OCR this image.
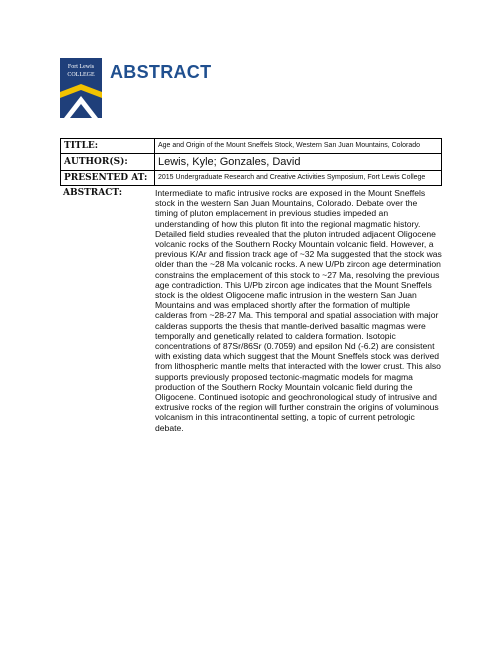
Fort Lewis
COLLEGE ABSTRACT
TITLE:	Age and Origin of the Mount Sneffels Stock, Western San Juan Mountains, Colorado
AUTHOR(S):	Lewis, Kyle; Gonzales, David
PRESENTED AT:	2015 Undergraduate Research and Creative Activities Symposium, Fort Lewis College
ABSTRACT:	Intermediate to mafic intrusive rocks are exposed in the Mount Sneffels stock in the western San Juan Mountains, Colorado. Debate over the timing of pluton emplacement in previous studies impeded an understanding of how this pluton fit into the regional magmatic history. Detailed field studies revealed that the pluton intruded adjacent Oligocene volcanic rocks of the Southern Rocky Mountain volcanic field. However, a previous K/Ar and fission track age of ~32 Ma suggested that the stock was older than the ~28 Ma volcanic rocks. A new U/Pb zircon age determination constrains the emplacement of this stock to ~27 Ma, resolving the previous age contradiction. This U/Pb zircon age indicates that the Mount Sneffels stock is the oldest Oligocene mafic intrusion in the western San Juan Mountains and was emplaced shortly after the formation of multiple calderas from ~28-27 Ma. This temporal and spatial association with major calderas supports the thesis that mantle-derived basaltic magmas were temporally and genetically related to caldera formation. Isotopic concentrations of 87Sr/86Sr (0.7059) and epsilon Nd (-6.2) are consistent with existing data which suggest that the Mount Sneffels stock was derived from lithospheric mantle melts that interacted with the lower crust. This also supports previously proposed tectonic-magmatic models for magma production of the Southern Rocky Mountain volcanic field during the Oligocene. Continued isotopic and geochronological study of intrusive and extrusive rocks of the region will further constrain the origins of voluminous volcanism in this intracontinental setting, a topic of current petrologic debate.
